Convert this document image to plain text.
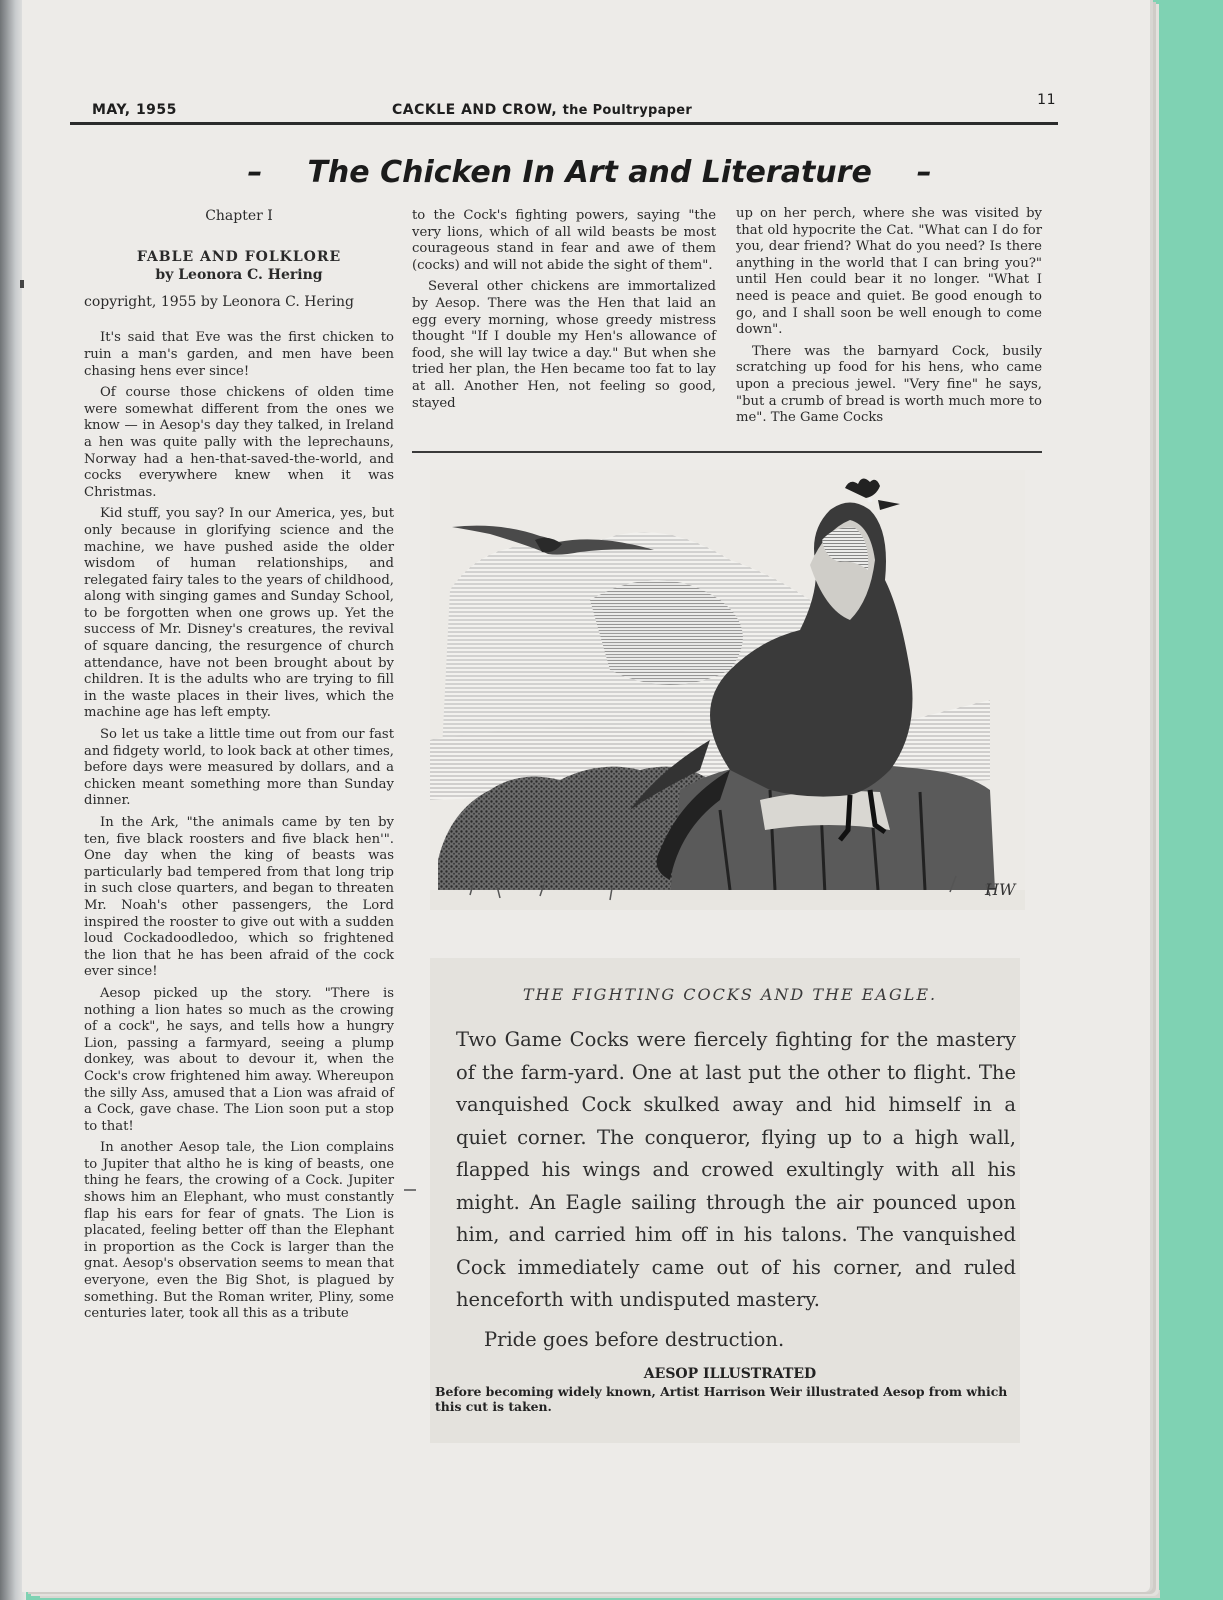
MAY, 1955	CACKLE AND CROW, the Poultrypaper
11
– The Chicken In Art and Literature –

Chapter I

FABLE AND FOLKLORE

by Leonora C. Hering

copyright, 1955 by Leonora C. Hering

It's said that Eve was the first chicken to ruin a man's garden, and men have been chasing hens ever since!

Of course those chickens of olden time were somewhat different from the ones we know — in Aesop's day they talked, in Ireland a hen was quite pally with the leprechauns, Norway had a hen-that-saved-the-world, and cocks everywhere knew when it was Christmas.

Kid stuff, you say? In our America, yes, but only because in glorifying science and the machine, we have pushed aside the older wisdom of human relationships, and relegated fairy tales to the years of childhood, along with singing games and Sunday School, to be forgotten when one grows up. Yet the success of Mr. Disney's creatures, the revival of square dancing, the resurgence of church attendance, have not been brought about by children. It is the adults who are trying to fill in the waste places in their lives, which the machine age has left empty.

So let us take a little time out from our fast and fidgety world, to look back at other times, before days were measured by dollars, and a chicken meant something more than Sunday dinner.

In the Ark, "the animals came by ten by ten, five black roosters and five black hen'". One day when the king of beasts was particularly bad tempered from that long trip in such close quarters, and began to threaten Mr. Noah's other passengers, the Lord inspired the rooster to give out with a sudden loud Cockadoodledoo, which so frightened the lion that he has been afraid of the cock ever since!

Aesop picked up the story. "There is nothing a lion hates so much as the crowing of a cock", he says, and tells how a hungry Lion, passing a farmyard, seeing a plump donkey, was about to devour it, when the Cock's crow frightened him away. Whereupon the silly Ass, amused that a Lion was afraid of a Cock, gave chase. The Lion soon put a stop to that!

In another Aesop tale, the Lion complains to Jupiter that altho he is king of beasts, one thing he fears, the crowing of a Cock. Jupiter shows him an Elephant, who must constantly flap his ears for fear of gnats. The Lion is placated, feeling better off than the Elephant in proportion as the Cock is larger than the gnat. Aesop's observation seems to mean that everyone, even the Big Shot, is plagued by something. But the Roman writer, Pliny, some centuries later, took all this as a tribute

to the Cock's fighting powers, saying "the very lions, which of all wild beasts be most courageous stand in fear and awe of them (cocks) and will not abide the sight of them".

Several other chickens are immortalized by Aesop. There was the Hen that laid an egg every morning, whose greedy mistress thought "If I double my Hen's allowance of food, she will lay twice a day." But when she tried her plan, the Hen became too fat to lay at all. Another Hen, not feeling so good, stayed

up on her perch, where she was visited by that old hypocrite the Cat. "What can I do for you, dear friend? What do you need? Is there anything in the world that I can bring you?" until Hen could bear it no longer. "What I need is peace and quiet. Be good enough to go, and I shall soon be well enough to come down".

There was the barnyard Cock, busily scratching up food for his hens, who came upon a precious jewel. "Very fine" he says, "but a crumb of bread is worth much more to me". The Game Cocks

HW
THE FIGHTING COCKS AND THE EAGLE.

Two Game Cocks were fiercely fighting for the mastery of the farm-yard. One at last put the other to flight. The vanquished Cock skulked away and hid himself in a quiet corner. The conqueror, flying up to a high wall, flapped his wings and crowed exultingly with all his might. An Eagle sailing through the air pounced upon him, and carried him off in his talons. The vanquished Cock immediately came out of his corner, and ruled henceforth with undisputed mastery.

Pride goes before destruction.
AESOP ILLUSTRATED
Before becoming widely known, Artist Harrison Weir illustrated Aesop from which this cut is taken.
